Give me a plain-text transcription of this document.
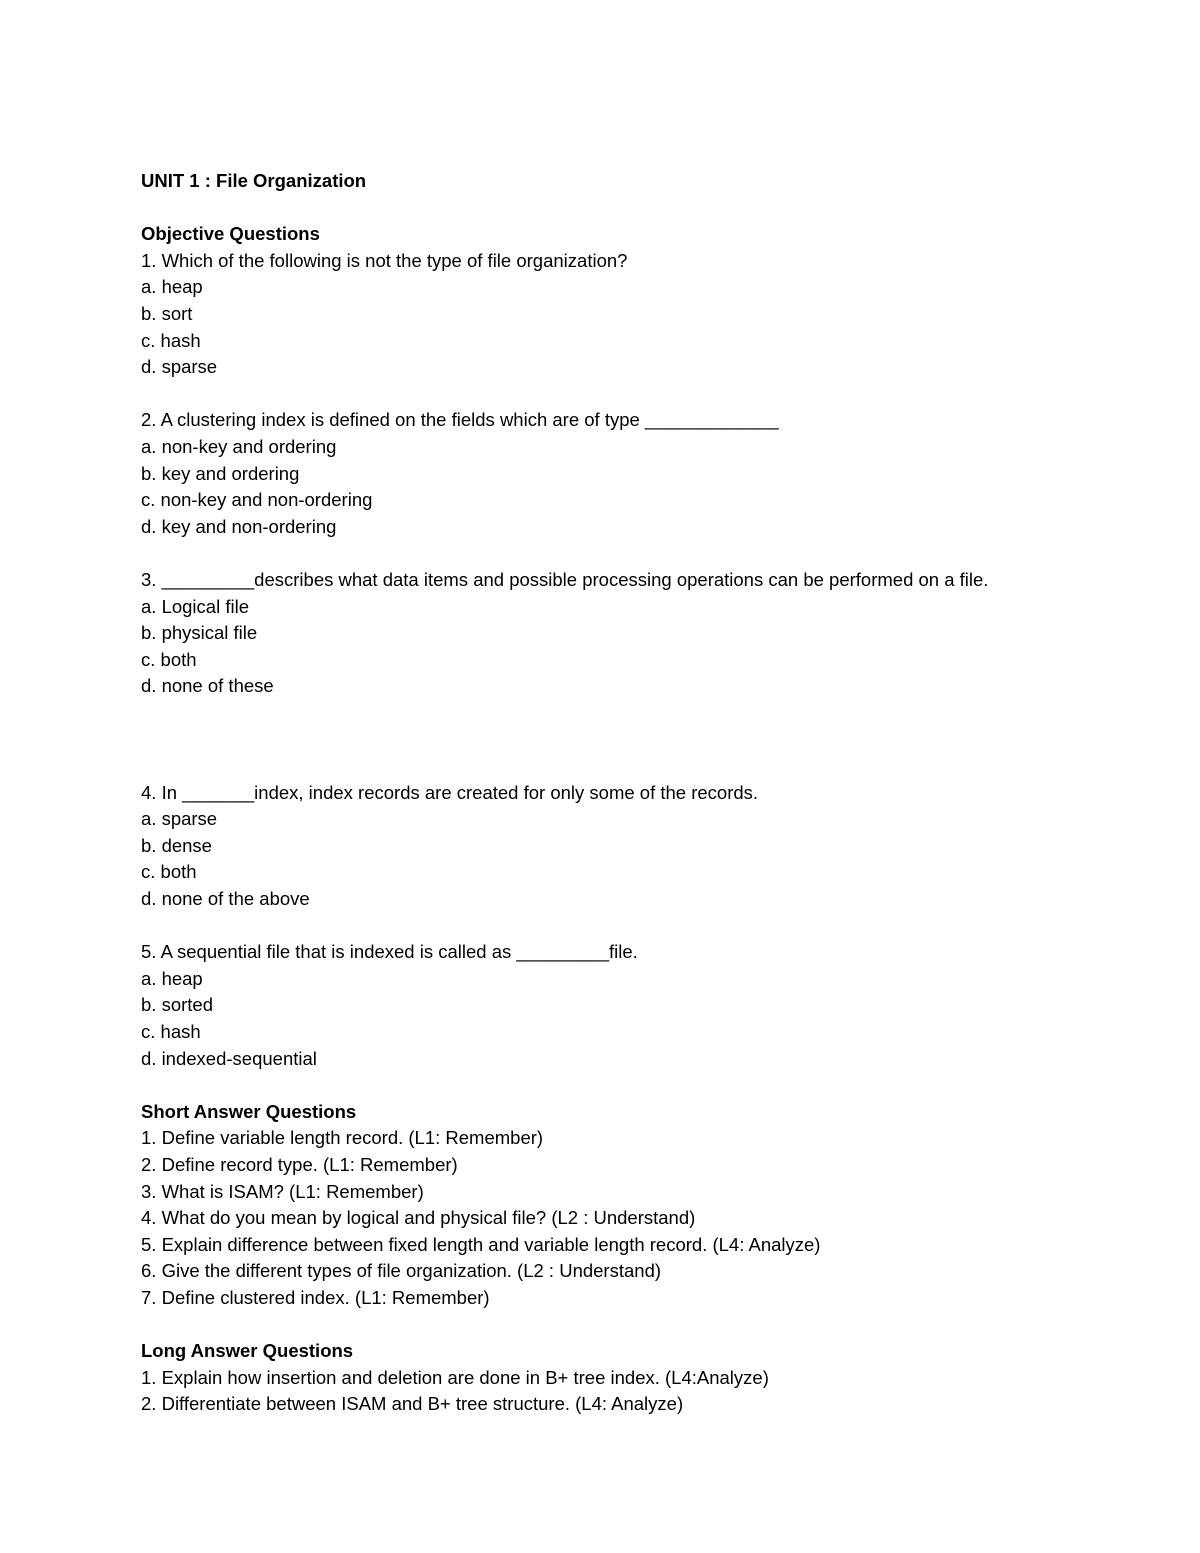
UNIT 1 : File Organization
Objective Questions
1. Which of the following is not the type of file organization?
a. heap
b. sort
c. hash
d. sparse
2. A clustering index is defined on the fields which are of type _____________
a. non-key and ordering
b. key and ordering
c. non-key and non-ordering
d. key and non-ordering
3. _________describes what data items and possible processing operations can be performed on a file.
a. Logical file
b. physical file
c. both
d. none of these
4. In _______index, index records are created for only some of the records.
a. sparse
b. dense
c. both
d. none of the above
5. A sequential file that is indexed is called as _________file.
a. heap
b. sorted
c. hash
d. indexed-sequential
Short Answer Questions
1. Define variable length record. (L1: Remember)
2. Define record type. (L1: Remember)
3. What is ISAM? (L1: Remember)
4. What do you mean by logical and physical file? (L2 : Understand)
5. Explain difference between fixed length and variable length record. (L4: Analyze)
6. Give the different types of file organization. (L2 : Understand)
7. Define clustered index. (L1: Remember)
Long Answer Questions
1. Explain how insertion and deletion are done in B+ tree index. (L4:Analyze)
2. Differentiate between ISAM and B+ tree structure. (L4: Analyze)
